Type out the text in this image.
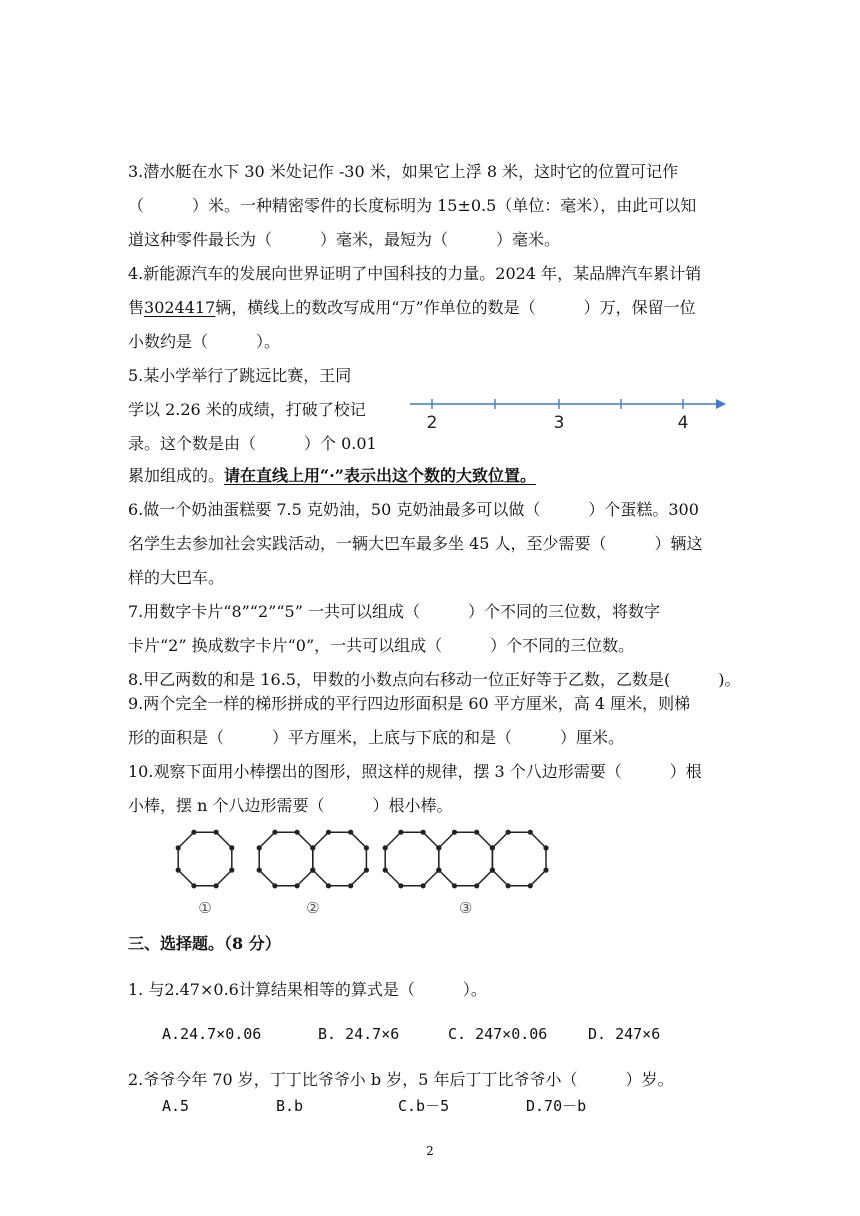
3.潜水艇在水下 30 米处记作 -30 米，如果它上浮 8 米，这时它的位置可记作
（　　　）米。一种精密零件的长度标明为 15±0.5（单位：毫米），由此可以知
道这种零件最长为（　　　）毫米，最短为（　　　）毫米。
4.新能源汽车的发展向世界证明了中国科技的力量。2024 年，某品牌汽车累计销
售3024417辆，横线上的数改写成用“万”作单位的数是（　　　）万，保留一位
小数约是（　　　）。
5.某小学举行了跳远比赛，王同
学以 2.26 米的成绩，打破了校记
录。这个数是由（　　　）个 0.01
累加组成的。请在直线上用“·”表示出这个数的大致位置。
2	3	4
6.做一个奶油蛋糕要 7.5 克奶油，50 克奶油最多可以做（　　　）个蛋糕。300
名学生去参加社会实践活动，一辆大巴车最多坐 45 人，至少需要（　　　）辆这
样的大巴车。
7.用数字卡片“8”“2”“5” 一共可以组成（　　　）个不同的三位数，将数字
卡片“2” 换成数字卡片“0”，一共可以组成（　　　）个不同的三位数。
8.甲乙两数的和是 16.5，甲数的小数点向右移动一位正好等于乙数，乙数是(　　　)。
9.两个完全一样的梯形拼成的平行四边形面积是 60 平方厘米，高 4 厘米，则梯
形的面积是（　　　）平方厘米，上底与下底的和是（　　　）厘米。
10.观察下面用小棒摆出的图形，照这样的规律，摆 3 个八边形需要（　　　）根
小棒，摆 n 个八边形需要（　　　）根小棒。
①	②	③
三、选择题。（8 分）
1. 与2.47×0.6计算结果相等的算式是（　　　）。
A.24.7×0.06	B. 24.7×6	C. 247×0.06	D. 247×6
2.爷爷今年 70 岁，丁丁比爷爷小 b 岁，5 年后丁丁比爷爷小（　　　）岁。
A.5	B.b	C.b－5	D.70－b
2
